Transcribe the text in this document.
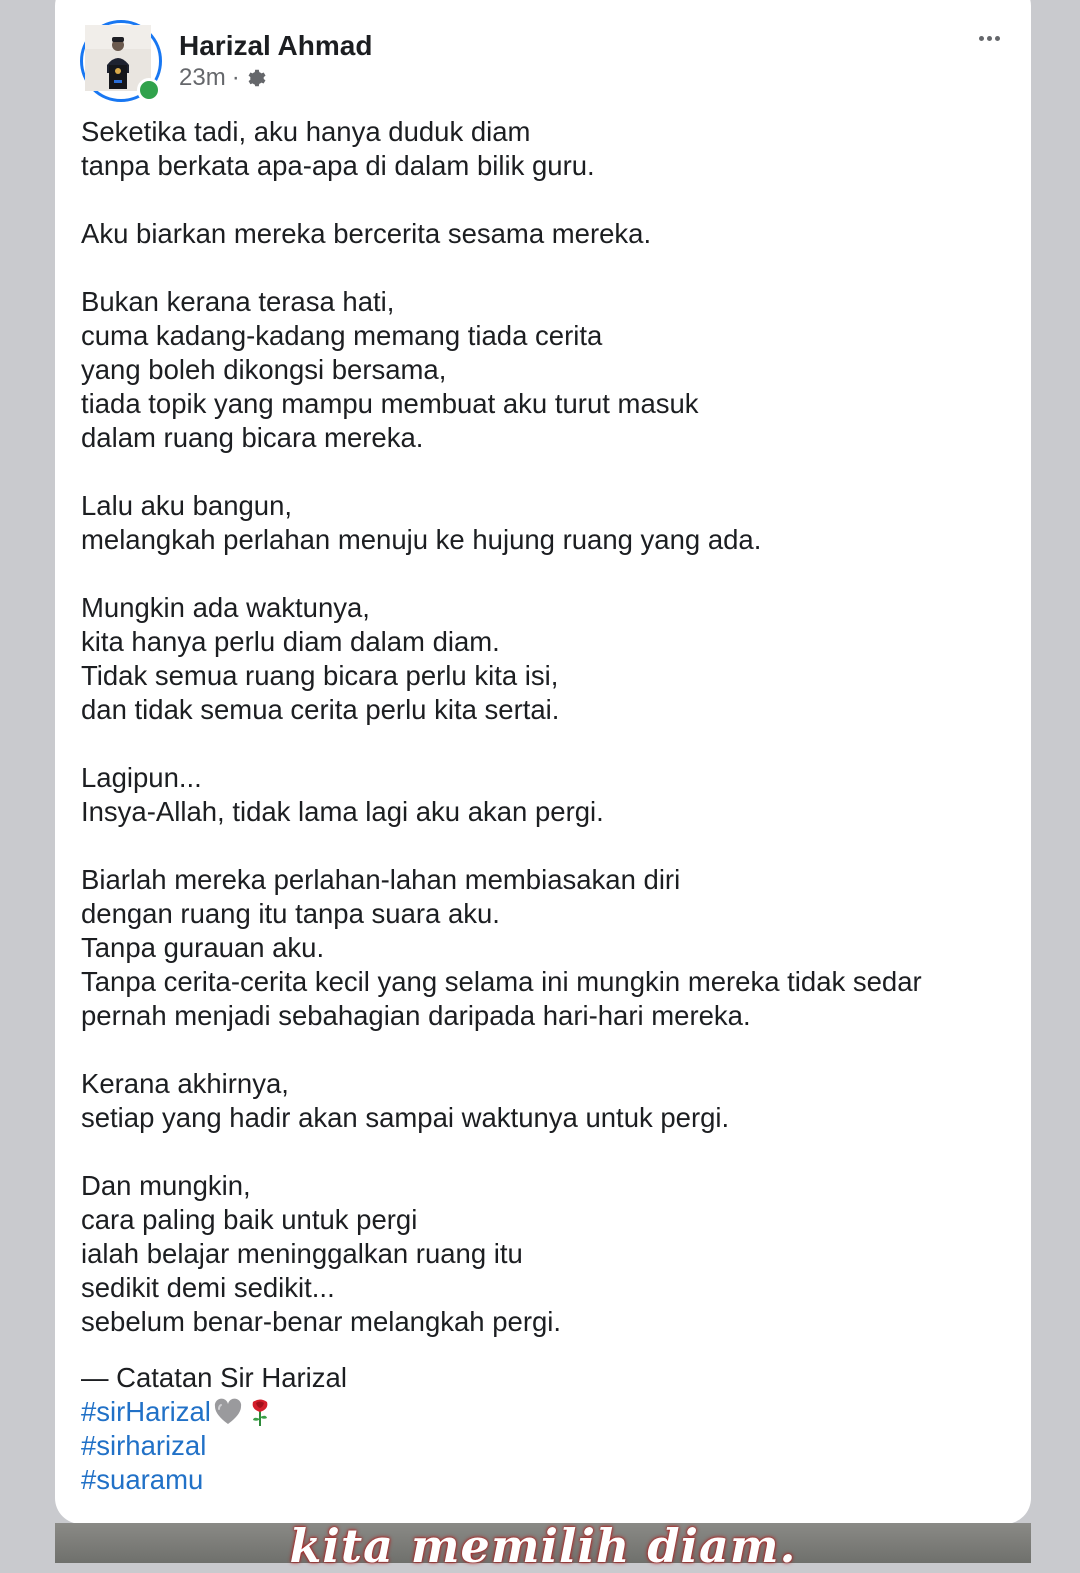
Harizal Ahmad
23m ·
Seketika tadi, aku hanya duduk diam
tanpa berkata apa-apa di dalam bilik guru.
Aku biarkan mereka bercerita sesama mereka.
Bukan kerana terasa hati,
cuma kadang-kadang memang tiada cerita
yang boleh dikongsi bersama,
tiada topik yang mampu membuat aku turut masuk
dalam ruang bicara mereka.
Lalu aku bangun,
melangkah perlahan menuju ke hujung ruang yang ada.
Mungkin ada waktunya,
kita hanya perlu diam dalam diam.
Tidak semua ruang bicara perlu kita isi,
dan tidak semua cerita perlu kita sertai.
Lagipun...
Insya-Allah, tidak lama lagi aku akan pergi.
Biarlah mereka perlahan-lahan membiasakan diri
dengan ruang itu tanpa suara aku.
Tanpa gurauan aku.
Tanpa cerita-cerita kecil yang selama ini mungkin mereka tidak sedar
pernah menjadi sebahagian daripada hari-hari mereka.
Kerana akhirnya,
setiap yang hadir akan sampai waktunya untuk pergi.
Dan mungkin,
cara paling baik untuk pergi
ialah belajar meninggalkan ruang itu
sedikit demi sedikit...
sebelum benar-benar melangkah pergi.
— Catatan Sir Harizal
#sirHarizal
#sirharizal
#suaramu
kita memilih diam.
